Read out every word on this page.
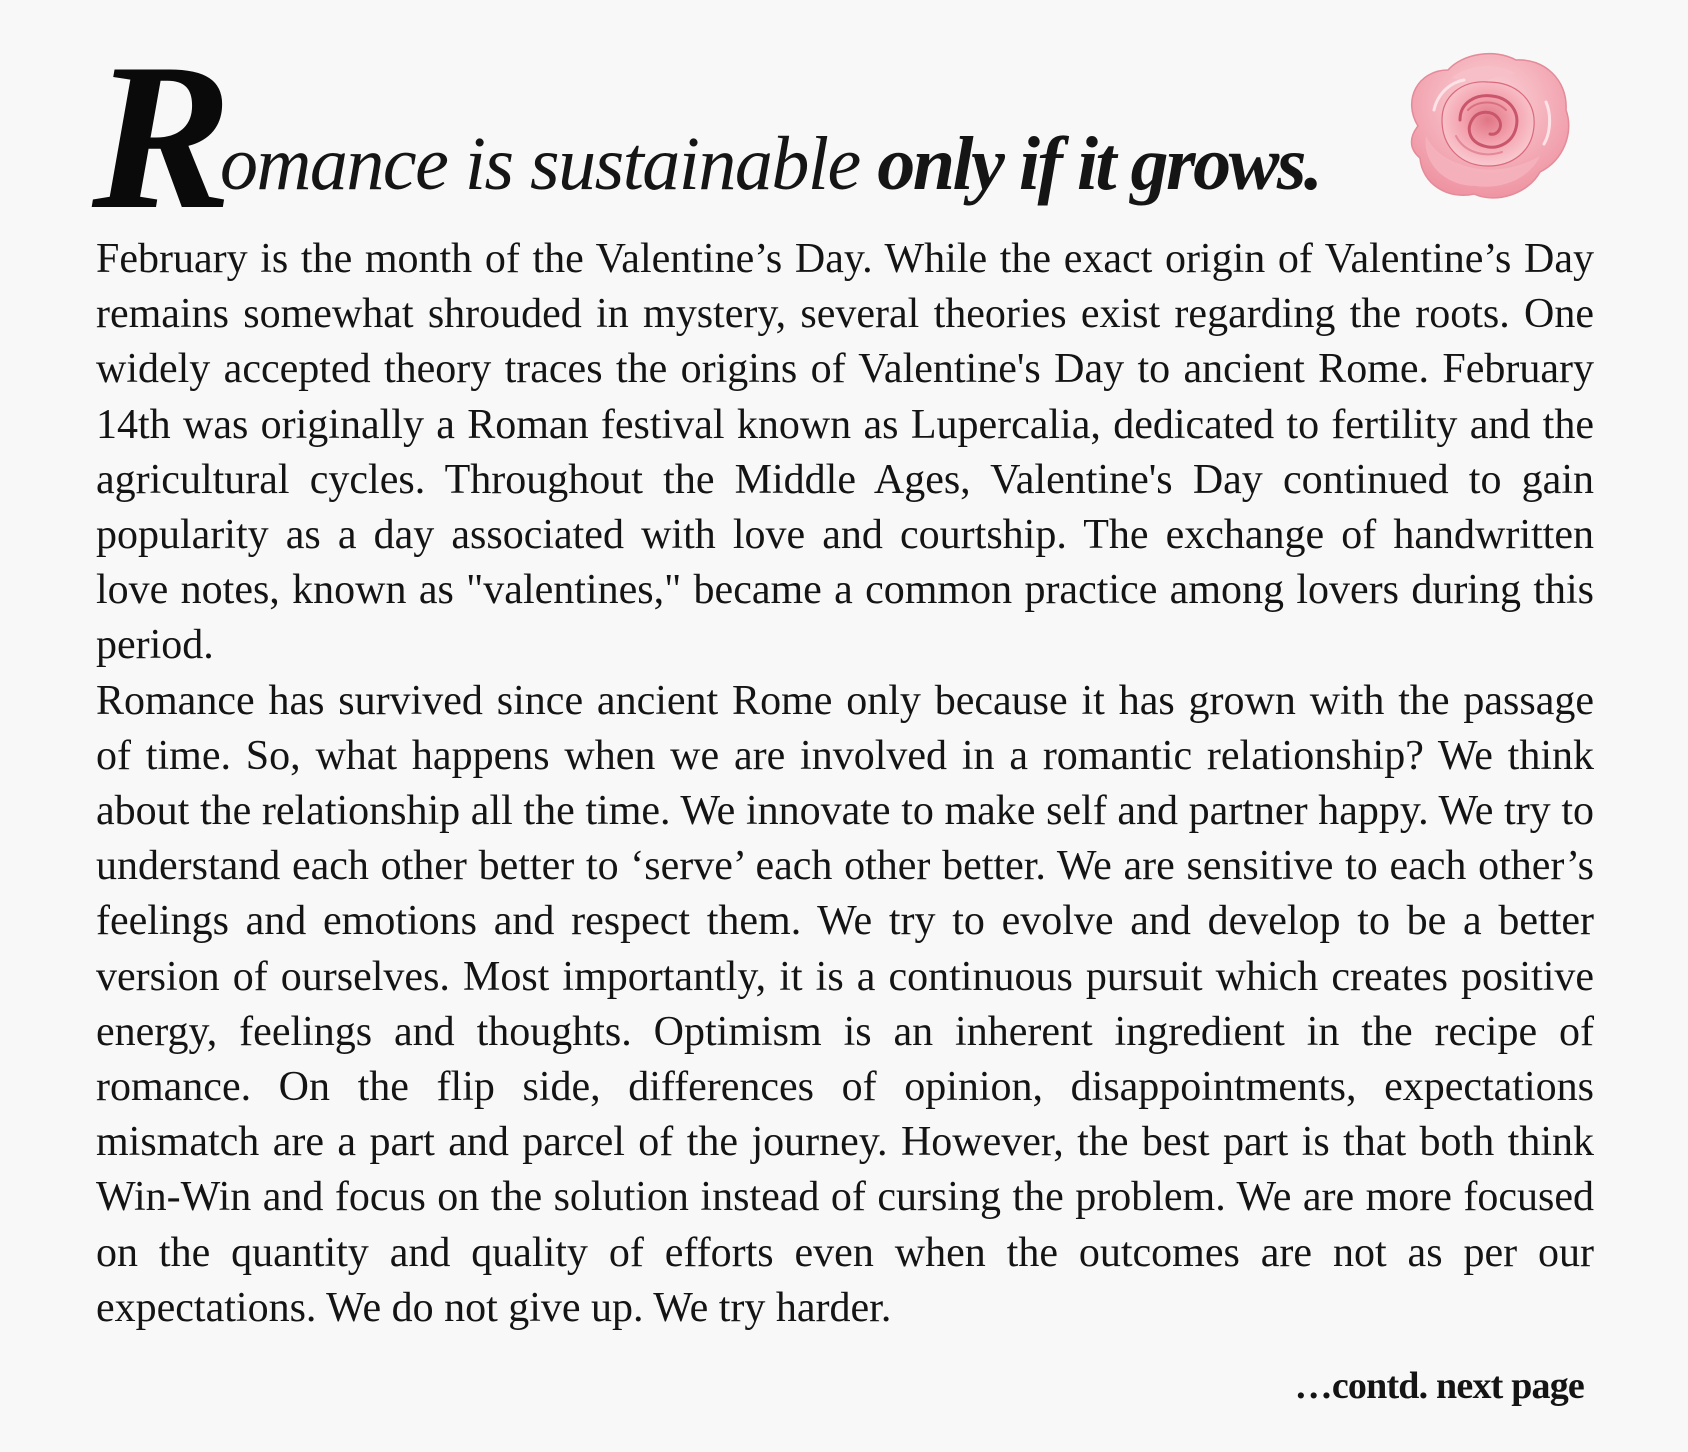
R
omance is sustainable only if it grows.

February is the month of the Valentine’s Day. While the exact origin of Valentine’s Day remains somewhat shrouded in mystery, several theories exist regarding the roots. One widely accepted theory traces the origins of Valentine's Day to ancient Rome. February 14th was originally a Roman festival known as Lupercalia, dedicated to fertility and the agricultural cycles. Throughout the Middle Ages, Valentine's Day continued to gain popularity as a day associated with love and courtship. The exchange of handwritten love notes, known as "valentines," became a common practice among lovers during this period.

Romance has survived since ancient Rome only because it has grown with the passage of time. So, what happens when we are involved in a romantic relationship? We think about the relationship all the time. We innovate to make self and partner happy. We try to understand each other better to ‘serve’ each other better. We are sensitive to each other’s feelings and emotions and respect them. We try to evolve and develop to be a better version of ourselves. Most importantly, it is a continuous pursuit which creates positive energy, feelings and thoughts. Optimism is an inherent ingredient in the recipe of romance. On the flip side, differences of opinion, disappointments, expectations mismatch are a part and parcel of the journey. However, the best part is that both think Win-Win and focus on the solution instead of cursing the problem. We are more focused on the quantity and quality of efforts even when the outcomes are not as per our expectations. We do not give up. We try harder.

…contd. next page
